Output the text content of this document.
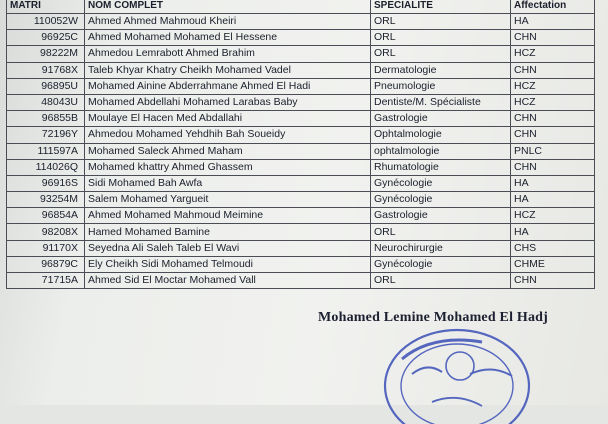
MATRI	NOM COMPLET	SPECIALITE	Affectation
110052W	Ahmed Ahmed Mahmoud Kheiri	ORL	HA
96925C	Ahmed Mohamed Mohamed El Hessene	ORL	CHN
98222M	Ahmedou Lemrabott Ahmed Brahim	ORL	HCZ
91768X	Taleb Khyar Khatry Cheikh Mohamed Vadel	Dermatologie	CHN
96895U	Mohamed Ainine Abderrahmane Ahmed El Hadi	Pneumologie	HCZ
48043U	Mohamed Abdellahi Mohamed Larabas Baby	Dentiste/M. Spécialiste	HCZ
96855B	Moulaye El Hacen Med Abdallahi	Gastrologie	CHN
72196Y	Ahmedou Mohamed Yehdhih Bah Soueidy	Ophtalmologie	CHN
111597A	Mohamed Saleck Ahmed Maham	ophtalmologie	PNLC
114026Q	Mohamed khattry Ahmed Ghassem	Rhumatologie	CHN
96916S	Sidi Mohamed Bah Awfa	Gynécologie	HA
93254M	Salem Mohamed Yargueit	Gynécologie	HA
96854A	Ahmed Mohamed Mahmoud Meimine	Gastrologie	HCZ
98208X	Hamed Mohamed Bamine	ORL	HA
91170X	Seyedna Ali Saleh Taleb El Wavi	Neurochirurgie	CHS
96879C	Ely Cheikh Sidi Mohamed Telmoudi	Gynécologie	CHME
71715A	Ahmed Sid El Moctar Mohamed Vall	ORL	CHN
Mohamed Lemine Mohamed El Hadj
